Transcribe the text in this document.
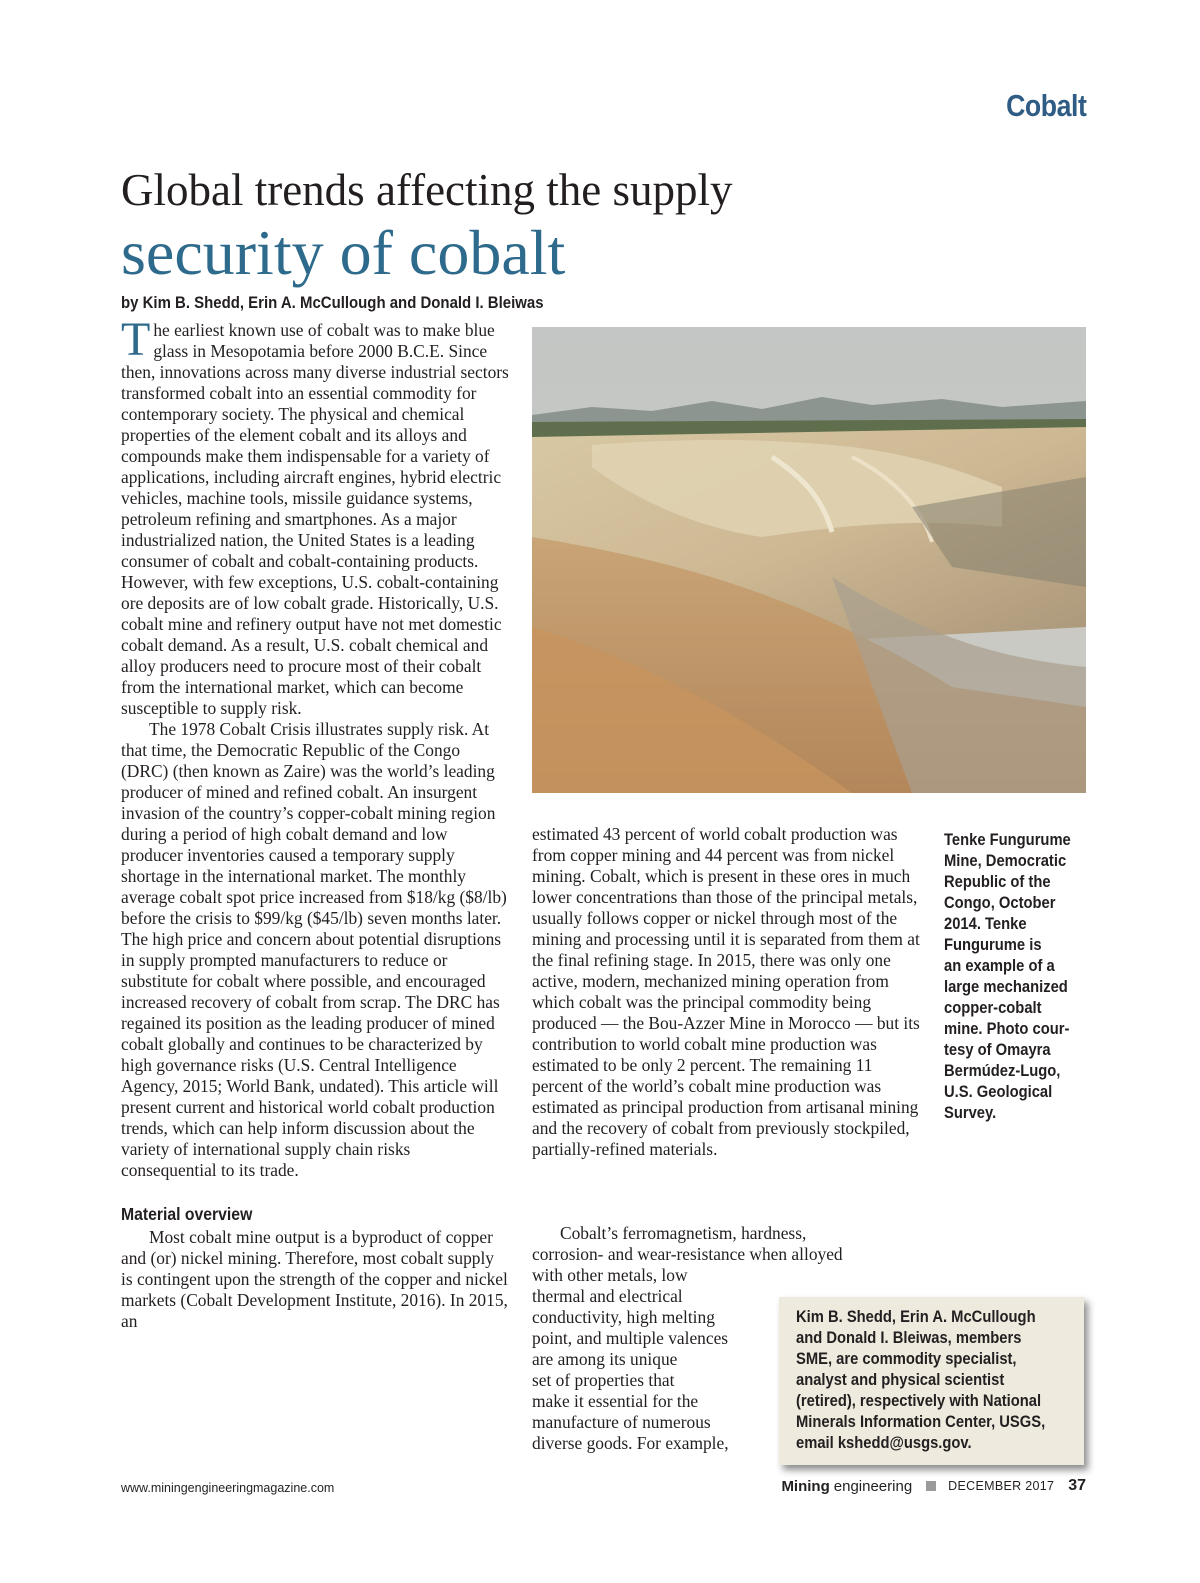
Cobalt
Global trends affecting the supply
security of cobalt
by Kim B. Shedd, Erin A. McCullough and Donald I. Bleiwas

The earliest known use of cobalt was to make blue glass in Mesopotamia before 2000 B.C.E. Since then, innovations across many diverse industrial sectors transformed cobalt into an essential commodity for contemporary society. The physical and chemical properties of the element cobalt and its alloys and compounds make them indispensable for a variety of applications, including aircraft engines, hybrid electric vehicles, machine tools, missile guidance systems, petroleum refining and smartphones. As a major industrialized nation, the United States is a leading consumer of cobalt and cobalt-containing products. However, with few exceptions, U.S. cobalt-containing ore deposits are of low cobalt grade. Historically, U.S. cobalt mine and refinery output have not met domestic cobalt demand. As a result, U.S. cobalt chemical and alloy producers need to procure most of their cobalt from the international market, which can become susceptible to supply risk.

The 1978 Cobalt Crisis illustrates supply risk. At that time, the Democratic Republic of the Congo (DRC) (then known as Zaire) was the world’s leading producer of mined and refined cobalt. An insurgent invasion of the country’s copper-cobalt mining region during a period of high cobalt demand and low producer inventories caused a temporary supply shortage in the international market. The monthly average cobalt spot price increased from $18/kg ($8/lb) before the crisis to $99/kg ($45/lb) seven months later. The high price and concern about potential disruptions in supply prompted manufacturers to reduce or substitute for cobalt where possible, and encouraged increased recovery of cobalt from scrap. The DRC has regained its position as the leading producer of mined cobalt globally and continues to be characterized by high governance risks (U.S. Central Intelligence Agency, 2015; World Bank, undated). This article will present current and historical world cobalt production trends, which can help inform discussion about the variety of international supply chain risks consequential to its trade.

Material overview

Most cobalt mine output is a byproduct of copper and (or) nickel mining. Therefore, most cobalt supply is contingent upon the strength of the copper and nickel markets (Cobalt Development Institute, 2016). In 2015, an

estimated 43 percent of world cobalt production was from copper mining and 44 percent was from nickel mining. Cobalt, which is present in these ores in much lower concentrations than those of the principal metals, usually follows copper or nickel through most of the mining and processing until it is separated from them at the final refining stage. In 2015, there was only one active, modern, mechanized mining operation from which cobalt was the principal commodity being produced — the Bou-Azzer Mine in Morocco — but its contribution to world cobalt mine production was estimated to be only 2 percent. The remaining 11 percent of the world’s cobalt mine production was estimated as principal production from artisanal mining and the recovery of cobalt from previously stockpiled, partially-refined materials.

Cobalt’s ferromagnetism, hardness,
corrosion- and wear-resistance when alloyed
with other metals, low
thermal and electrical
conductivity, high melting
point, and multiple valences
are among its unique
set of properties that
make it essential for the
manufacture of numerous
diverse goods. For example,
Tenke Fungurume
Mine, Democratic
Republic of the
Congo, October
2014. Tenke
Fungurume is
an example of a
large mechanized
copper-cobalt
mine. Photo cour-
tesy of Omayra
Bermúdez-Lugo,
U.S. Geological
Survey.
Kim B. Shedd, Erin A. McCullough
and Donald I. Bleiwas, members
SME, are commodity specialist,
analyst and physical scientist
(retired), respectively with National
Minerals Information Center, USGS,
email kshedd@usgs.gov.
www.miningengineeringmagazine.com	Mining engineering	DECEMBER 2017 37
